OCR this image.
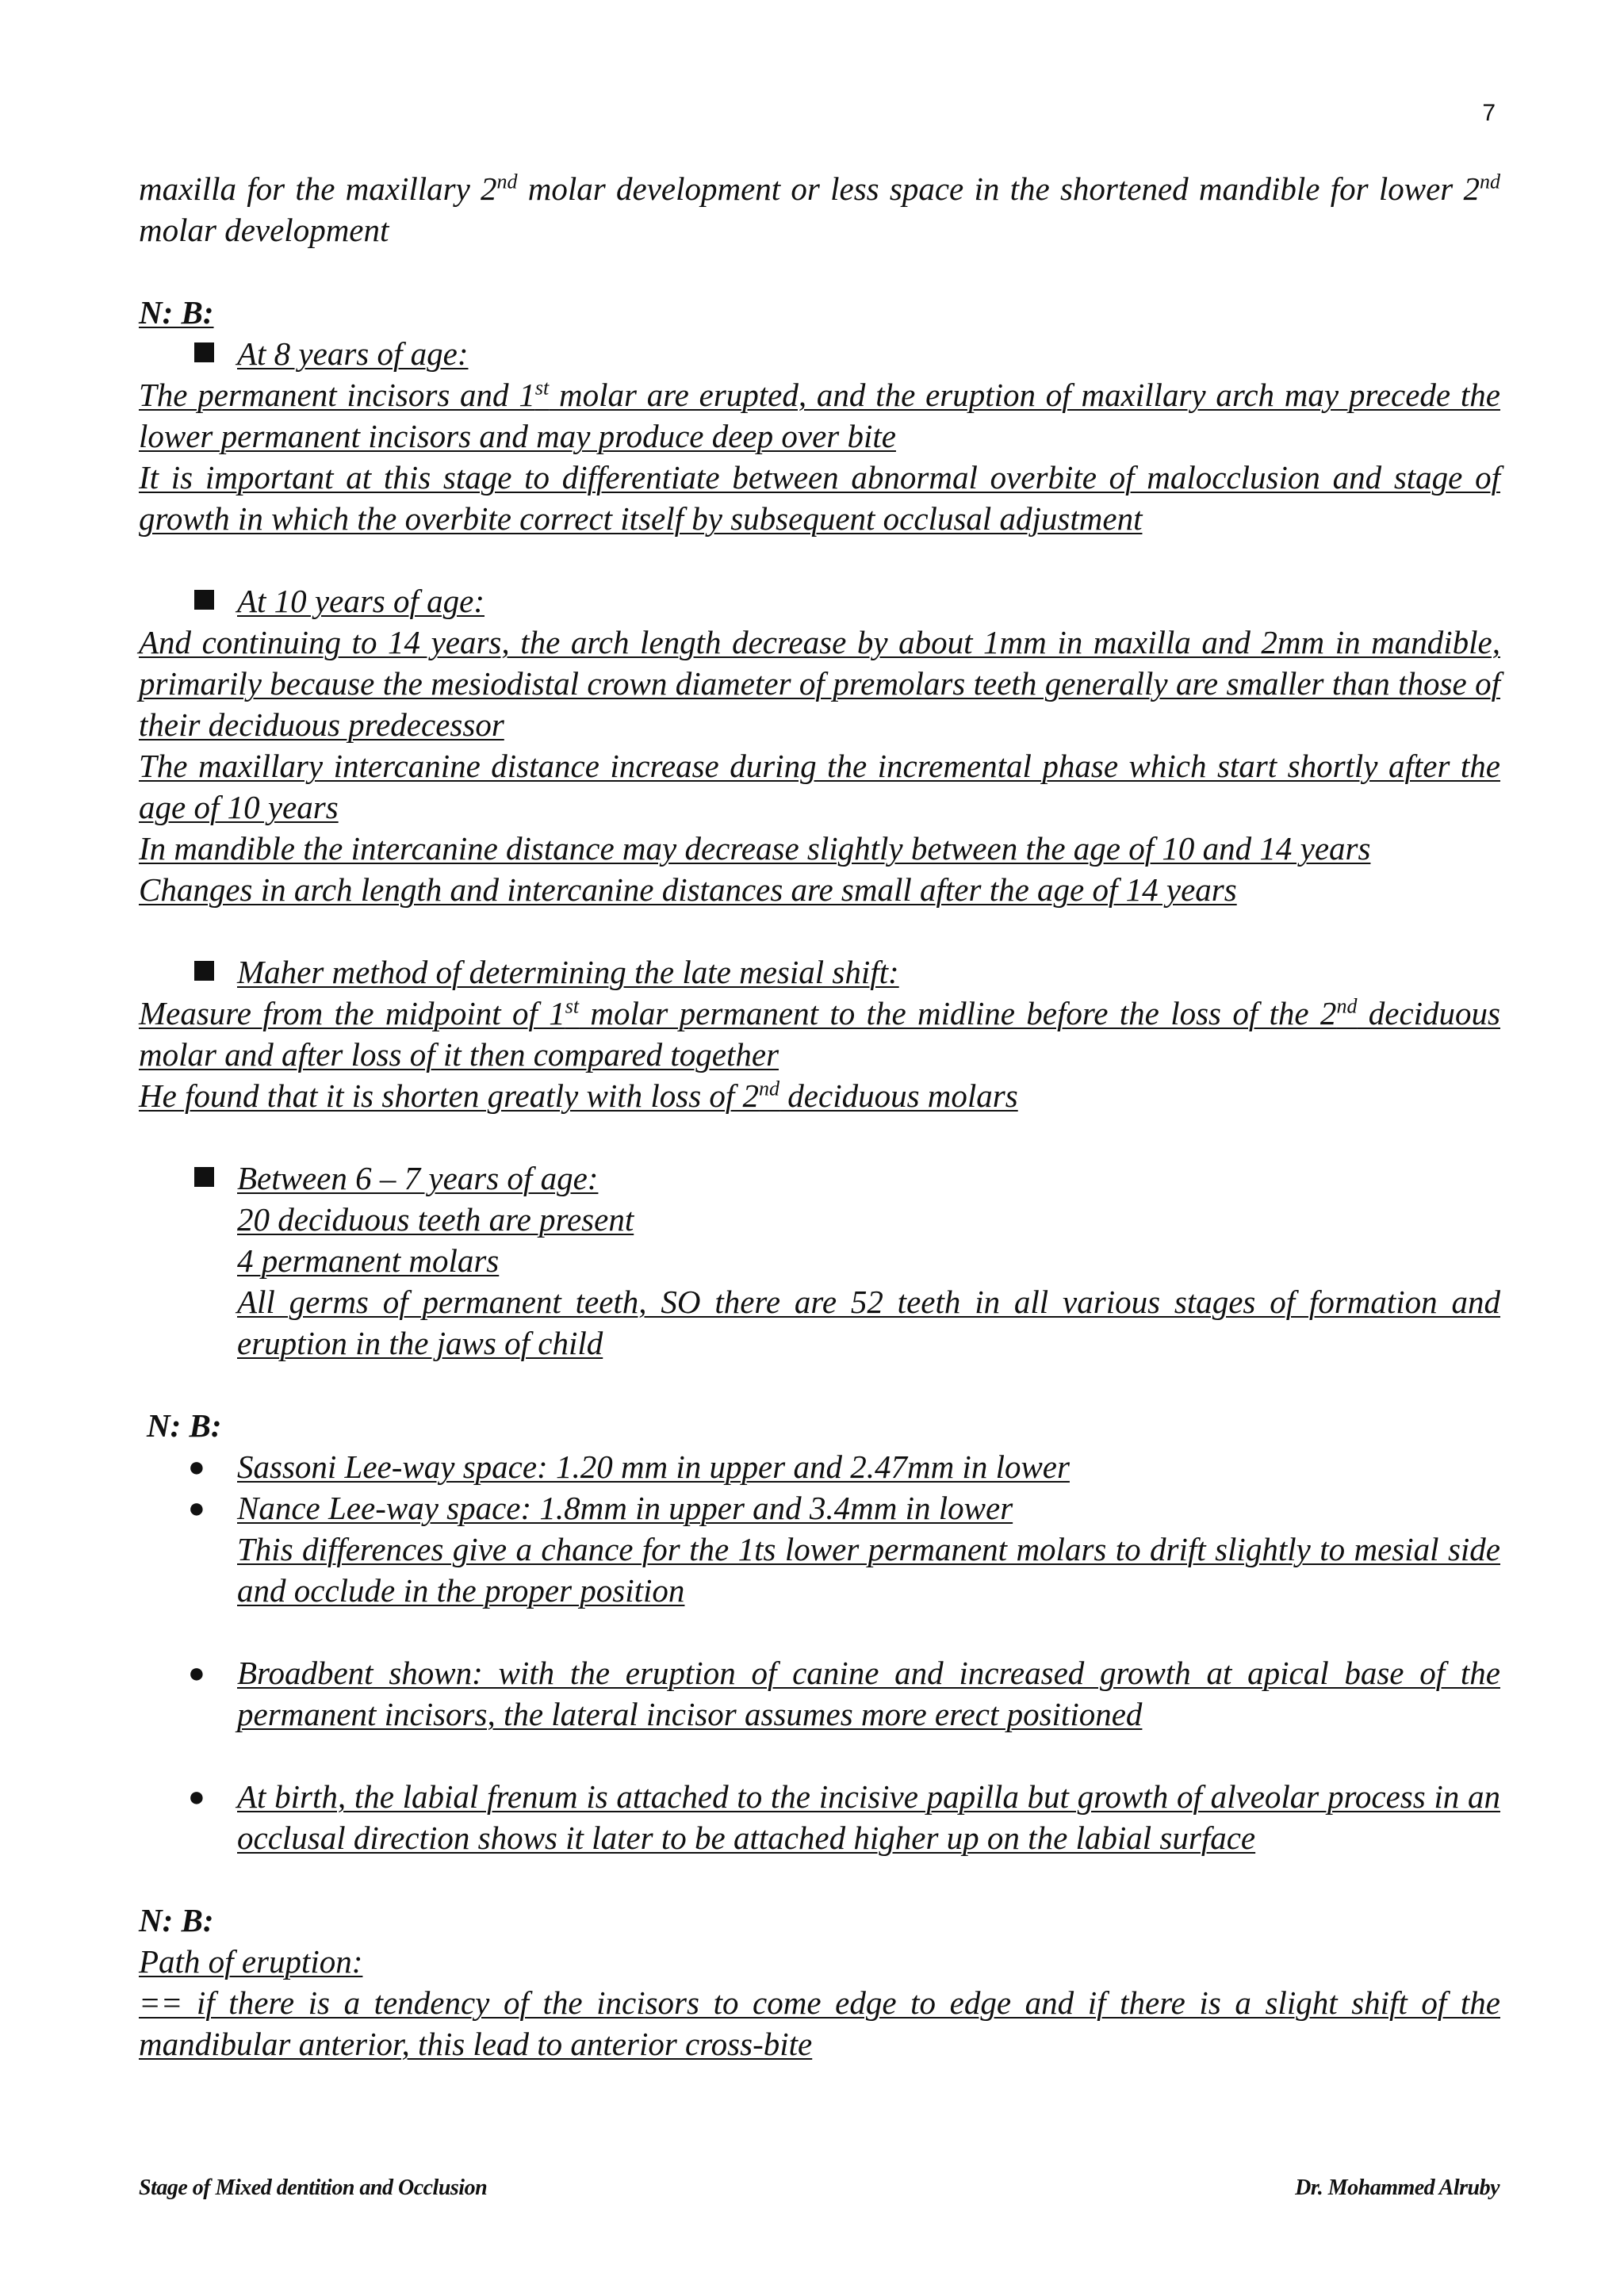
7

maxilla for the maxillary 2nd molar development or less space in the shortened mandible for lower 2nd molar development

N: B:

At 8 years of age:

The permanent incisors and 1st molar are erupted, and the eruption of maxillary arch may precede the lower permanent incisors and may produce deep over bite

It is important at this stage to differentiate between abnormal overbite of malocclusion and stage of growth in which the overbite correct itself by subsequent occlusal adjustment

At 10 years of age:

And continuing to 14 years, the arch length decrease by about 1mm in maxilla and 2mm in mandible, primarily because the mesiodistal crown diameter of premolars teeth generally are smaller than those of their deciduous predecessor

The maxillary intercanine distance increase during the incremental phase which start shortly after the age of 10 years

In mandible the intercanine distance may decrease slightly between the age of 10 and 14 years

Changes in arch length and intercanine distances are small after the age of 14 years

Maher method of determining the late mesial shift:

Measure from the midpoint of 1st molar permanent to the midline before the loss of the 2nd deciduous molar and after loss of it then compared together

He found that it is shorten greatly with loss of 2nd deciduous molars

Between 6 – 7 years of age:

20 deciduous teeth are present

4 permanent molars

All germs of permanent teeth, SO there are 52 teeth in all various stages of formation and eruption in the jaws of child

N: B:

● Sassoni Lee-way space: 1.20 mm in upper and 2.47mm in lower

● Nance Lee-way space: 1.8mm in upper and 3.4mm in lower

This differences give a chance for the 1ts lower permanent molars to drift slightly to mesial side and occlude in the proper position

● Broadbent shown: with the eruption of canine and increased growth at apical base of the permanent incisors, the lateral incisor assumes more erect positioned

● At birth, the labial frenum is attached to the incisive papilla but growth of alveolar process in an occlusal direction shows it later to be attached higher up on the labial surface

N: B:

Path of eruption:

== if there is a tendency of the incisors to come edge to edge and if there is a slight shift of the mandibular anterior, this lead to anterior cross-bite

Stage of Mixed dentition and Occlusion	Dr. Mohammed Alruby
